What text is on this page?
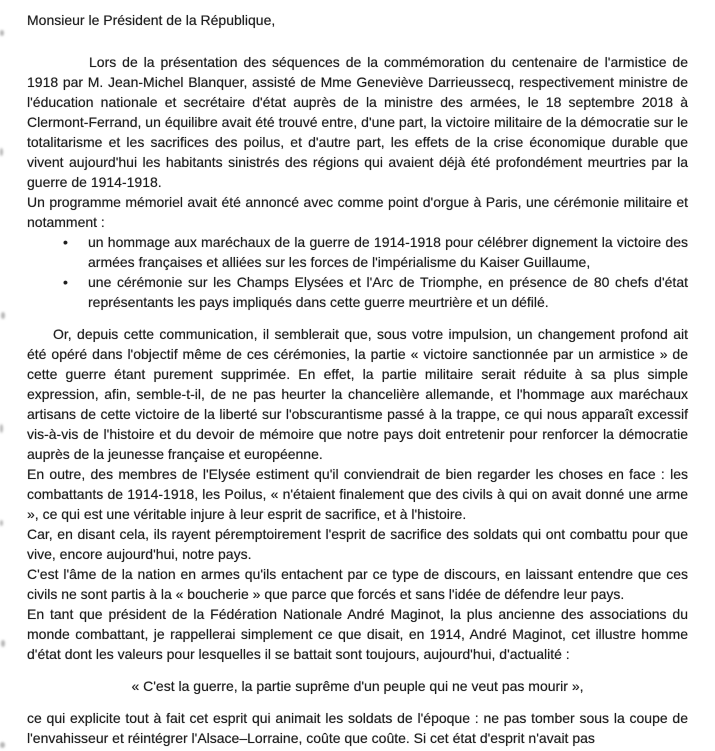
Monsieur le Président de la République,

Lors de la présentation des séquences de la commémoration du centenaire de l'armistice de 1918 par M. Jean-Michel Blanquer, assisté de Mme Geneviève Darrieussecq, respectivement ministre de l'éducation nationale et secrétaire d'état auprès de la ministre des armées, le 18 septembre 2018 à Clermont-Ferrand, un équilibre avait été trouvé entre, d'une part, la victoire militaire de la démocratie sur le totalitarisme et les sacrifices des poilus, et d'autre part, les effets de la crise économique durable que vivent aujourd'hui les habitants sinistrés des régions qui avaient déjà été profondément meurtries par la guerre de 1914-1918.

Un programme mémoriel avait été annoncé avec comme point d'orgue à Paris, une cérémonie militaire et notamment :

• un hommage aux maréchaux de la guerre de 1914-1918 pour célébrer dignement la victoire des armées françaises et alliées sur les forces de l'impérialisme du Kaiser Guillaume,
• une cérémonie sur les Champs Elysées et l'Arc de Triomphe, en présence de 80 chefs d'état représentants les pays impliqués dans cette guerre meurtrière et un défilé.

Or, depuis cette communication, il semblerait que, sous votre impulsion, un changement profond ait été opéré dans l'objectif même de ces cérémonies, la partie « victoire sanctionnée par un armistice » de cette guerre étant purement supprimée. En effet, la partie militaire serait réduite à sa plus simple expression, afin, semble-t-il, de ne pas heurter la chancelière allemande, et l'hommage aux maréchaux artisans de cette victoire de la liberté sur l'obscurantisme passé à la trappe, ce qui nous apparaît excessif vis-à-vis de l'histoire et du devoir de mémoire que notre pays doit entretenir pour renforcer la démocratie auprès de la jeunesse française et européenne.

En outre, des membres de l'Elysée estiment qu'il conviendrait de bien regarder les choses en face : les combattants de 1914-1918, les Poilus, « n'étaient finalement que des civils à qui on avait donné une arme », ce qui est une véritable injure à leur esprit de sacrifice, et à l'histoire.

Car, en disant cela, ils rayent péremptoirement l'esprit de sacrifice des soldats qui ont combattu pour que vive, encore aujourd'hui, notre pays.

C'est l'âme de la nation en armes qu'ils entachent par ce type de discours, en laissant entendre que ces civils ne sont partis à la « boucherie » que parce que forcés et sans l'idée de défendre leur pays.

En tant que président de la Fédération Nationale André Maginot, la plus ancienne des associations du monde combattant, je rappellerai simplement ce que disait, en 1914, André Maginot, cet illustre homme d'état dont les valeurs pour lesquelles il se battait sont toujours, aujourd'hui, d'actualité :

« C'est la guerre, la partie suprême d'un peuple qui ne veut pas mourir »,

ce qui explicite tout à fait cet esprit qui animait les soldats de l'époque : ne pas tomber sous la coupe de l'envahisseur et réintégrer l'Alsace–Lorraine, coûte que coûte. Si cet état d'esprit n'avait pas
